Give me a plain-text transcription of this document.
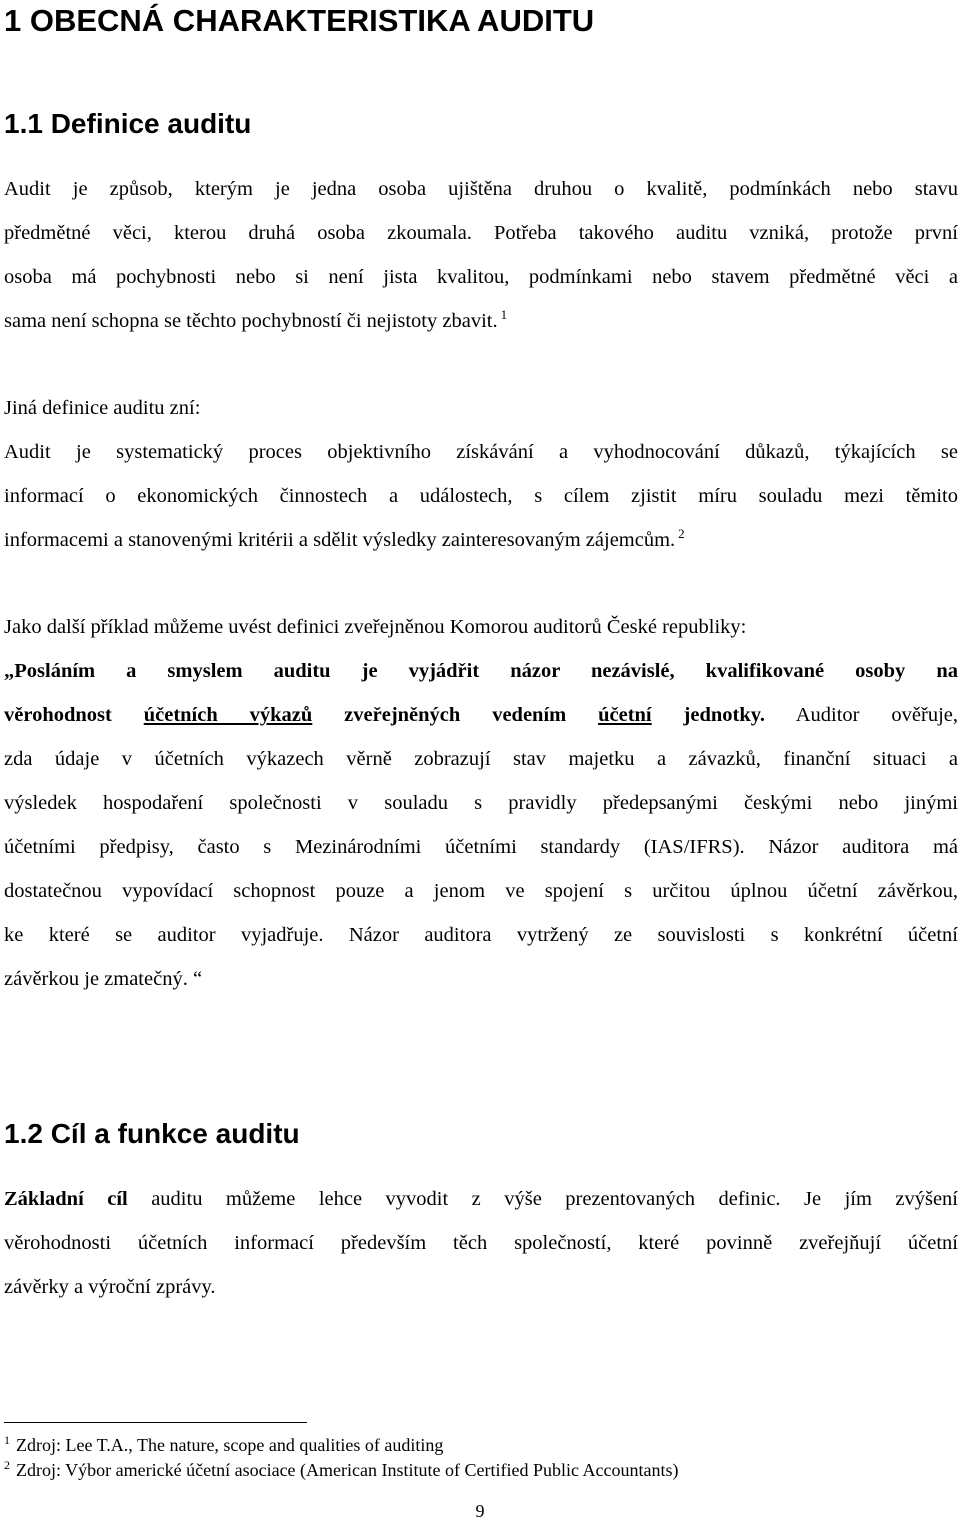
1 OBECNÁ CHARAKTERISTIKA AUDITU
1.1 Definice auditu
Audit je způsob, kterým je jedna osoba ujištěna druhou o kvalitě, podmínkách nebo stavu
předmětné věci, kterou druhá osoba zkoumala. Potřeba takového auditu vzniká, protože první
osoba má pochybnosti nebo si není jista kvalitou, podmínkami nebo stavem předmětné věci a
sama není schopna se těchto pochybností či nejistoty zbavit. $^1$
Jiná definice auditu zní:
Audit je systematický proces objektivního získávání a vyhodnocování důkazů, týkajících se
informací o ekonomických činnostech a událostech, s cílem zjistit míru souladu mezi těmito
informacemi a stanovenými kritérii a sdělit výsledky zainteresovaným zájemcům. $^2$
Jako další příklad můžeme uvést definici zveřejněnou Komorou auditorů České republiky:
„Posláním a smyslem auditu je vyjádřit názor nezávislé, kvalifikované osoby na
věrohodnost účetních výkazů zveřejněných vedením účetní jednotky. Auditor ověřuje,
zda údaje v účetních výkazech věrně zobrazují stav majetku a závazků, finanční situaci a
výsledek hospodaření společnosti v souladu s pravidly předepsanými českými nebo jinými
účetními předpisy, často s Mezinárodními účetními standardy (IAS/IFRS). Názor auditora má
dostatečnou vypovídací schopnost pouze a jenom ve spojení s určitou úplnou účetní závěrkou,
ke které se auditor vyjadřuje. Názor auditora vytržený ze souvislosti s konkrétní účetní
závěrkou je zmatečný. “
1.2 Cíl a funkce auditu
Základní cíl auditu můžeme lehce vyvodit z výše prezentovaných definic. Je jím zvýšení
věrohodnosti účetních informací především těch společností, které povinně zveřejňují účetní
závěrky a výroční zprávy.

$^1$ Zdroj: Lee T.A., The nature, scope and qualities of auditing

$^2$ Zdroj: Výbor americké účetní asociace (American Institute of Certified Public Accountants)

9
